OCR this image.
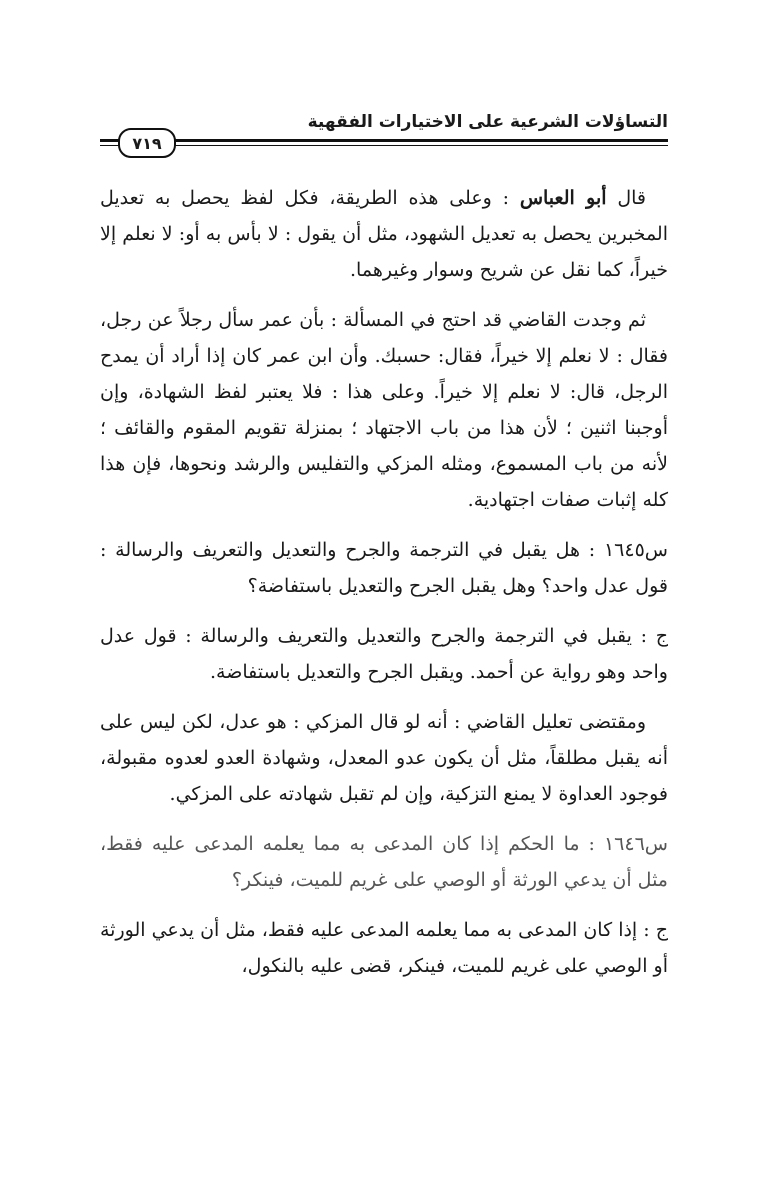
التساؤلات الشرعية على الاختيارات الفقهية
٧١٩

قال أبو العباس : وعلى هذه الطريقة، فكل لفظ يحصل به تعديل المخبرين يحصل به تعديل الشهود، مثل أن يقول : لا بأس به أو: لا نعلم إلا خيراً، كما نقل عن شريح وسوار وغيرهما.

ثم وجدت القاضي قد احتج في المسألة : بأن عمر سأل رجلاً عن رجل، فقال : لا نعلم إلا خيراً، فقال: حسبك. وأن ابن عمر كان إذا أراد أن يمدح الرجل، قال: لا نعلم إلا خيراً. وعلى هذا : فلا يعتبر لفظ الشهادة، وإن أوجبنا اثنين ؛ لأن هذا من باب الاجتهاد ؛ بمنزلة تقويم المقوم والقائف ؛ لأنه من باب المسموع، ومثله المزكي والتفليس والرشد ونحوها، فإن هذا كله إثبات صفات اجتهادية.

س١٦٤٥ : هل يقبل في الترجمة والجرح والتعديل والتعريف والرسالة : قول عدل واحد؟ وهل يقبل الجرح والتعديل باستفاضة؟

ج : يقبل في الترجمة والجرح والتعديل والتعريف والرسالة : قول عدل واحد وهو رواية عن أحمد. ويقبل الجرح والتعديل باستفاضة.

ومقتضى تعليل القاضي : أنه لو قال المزكي : هو عدل، لكن ليس على أنه يقبل مطلقاً، مثل أن يكون عدو المعدل، وشهادة العدو لعدوه مقبولة، فوجود العداوة لا يمنع التزكية، وإن لم تقبل شهادته على المزكي.

س١٦٤٦ : ما الحكم إذا كان المدعى به مما يعلمه المدعى عليه فقط، مثل أن يدعي الورثة أو الوصي على غريم للميت، فينكر؟

ج : إذا كان المدعى به مما يعلمه المدعى عليه فقط، مثل أن يدعي الورثة أو الوصي على غريم للميت، فينكر، قضى عليه بالنكول،
